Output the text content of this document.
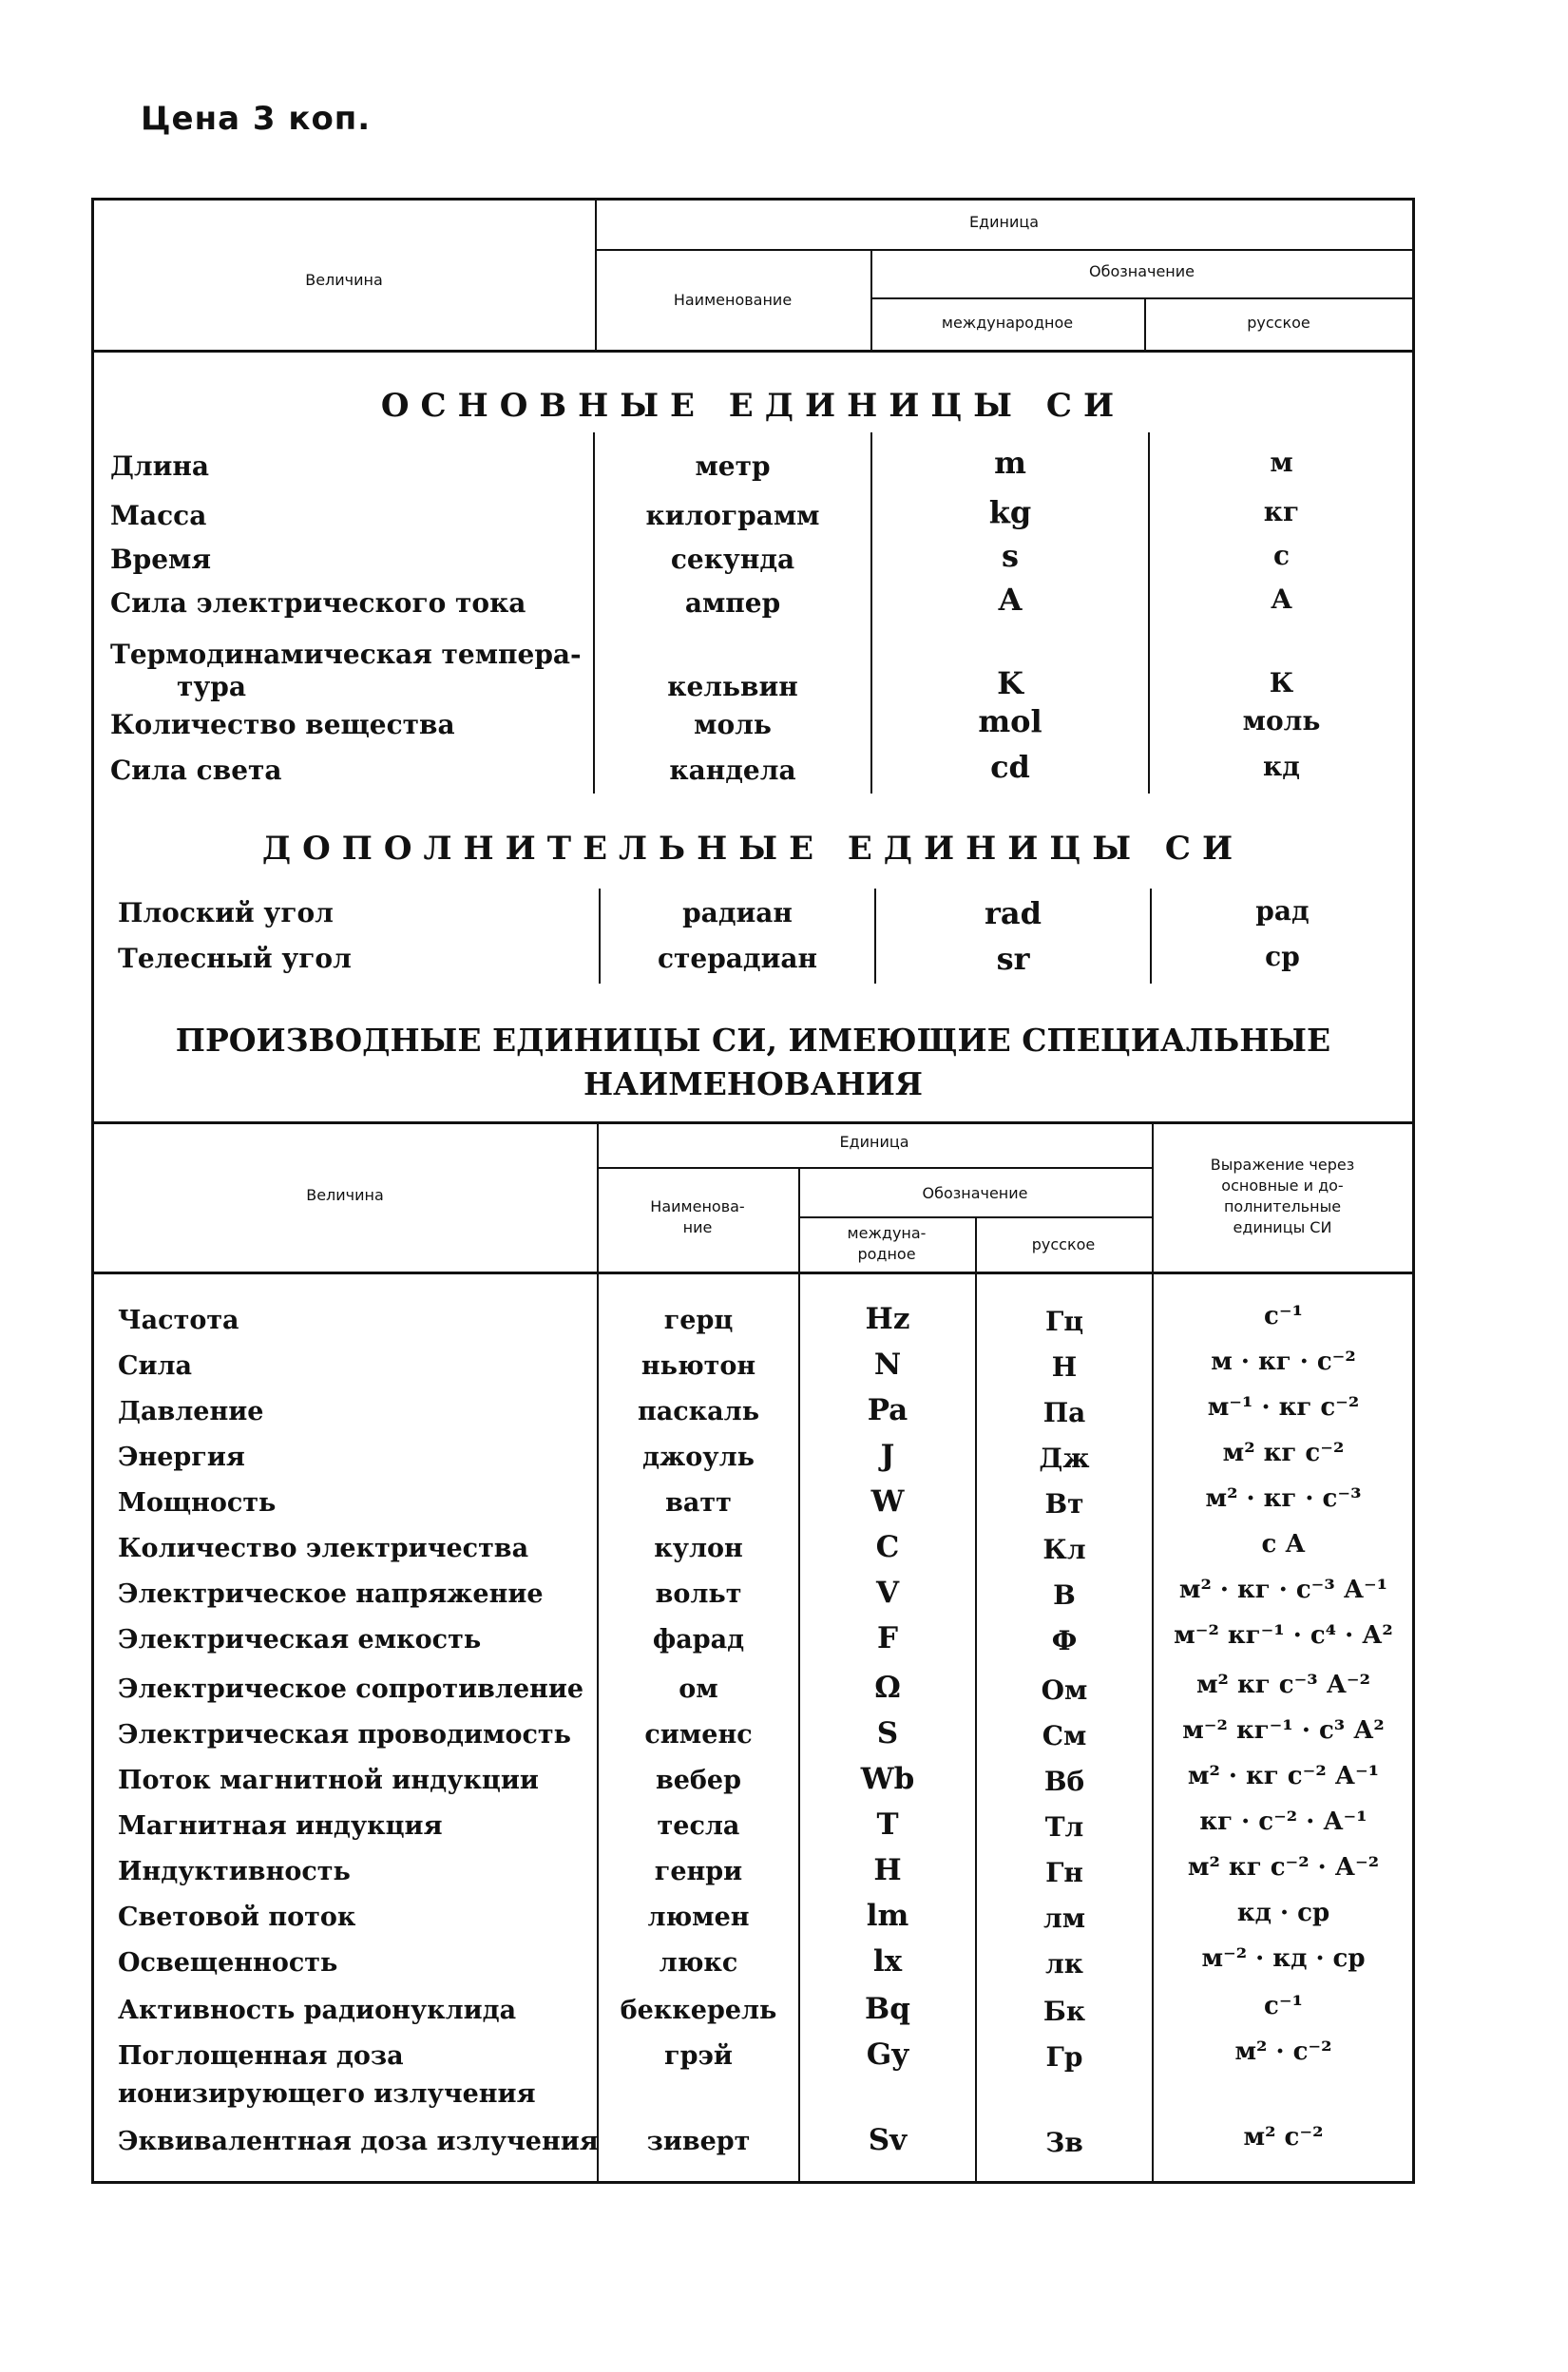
Цена 3 коп.
Величина
Единица
Наименование
Обозначение
международное	русское
ОСНОВНЫЕ ЕДИНИЦЫ СИ
Длина	метр	m	м
Масса	килограмм	kg	кг
Время	секунда	s	с
Сила электрического тока	ампер	A	А
Термодинамическая темпера-
тура	кельвин	K	К
Количество вещества	моль	mol	моль
Сила света	кандела	cd	кд
ДОПОЛНИТЕЛЬНЫЕ ЕДИНИЦЫ СИ
Плоский угол	радиан	rad	рад
Телесный угол	стерадиан	sr	ср
ПРОИЗВОДНЫЕ ЕДИНИЦЫ СИ, ИМЕЮЩИЕ СПЕЦИАЛЬНЫЕ
НАИМЕНОВАНИЯ
Величина
Единица
Наименова-
ние
Обозначение
междуна-
родное
русское
Выражение через
основные и до-
полнительные
единицы СИ
Частота	герц	Hz	Гц	с⁻¹
Сила	ньютон	N	Н	м · кг · с⁻²
Давление	паскаль	Pa	Па	м⁻¹ · кг с⁻²
Энергия	джоуль	J	Дж	м² кг с⁻²
Мощность	ватт	W	Вт	м² · кг · с⁻³
Количество электричества	кулон	C	Кл	с А
Электрическое напряжение	вольт	V	В	м² · кг · с⁻³ А⁻¹
Электрическая емкость	фарад	F	Ф	м⁻² кг⁻¹ · с⁴ · А²
Электрическое сопротивление	ом	Ω	Ом	м² кг с⁻³ А⁻²
Электрическая проводимость	сименс	S	См	м⁻² кг⁻¹ · с³ А²
Поток магнитной индукции	вебер	Wb	Вб	м² · кг с⁻² А⁻¹
Магнитная индукция	тесла	T	Тл	кг · с⁻² · А⁻¹
Индуктивность	генри	H	Гн	м² кг с⁻² · А⁻²
Световой поток	люмен	lm	лм	кд · ср
Освещенность	люкс	lx	лк	м⁻² · кд · ср
Активность радионуклида	беккерель	Bq	Бк	с⁻¹
Поглощенная доза
ионизирующего излучения
грэй	Gy	Гр	м² · с⁻²
Эквивалентная доза излучения	зиверт	Sv	Зв	м² с⁻²
